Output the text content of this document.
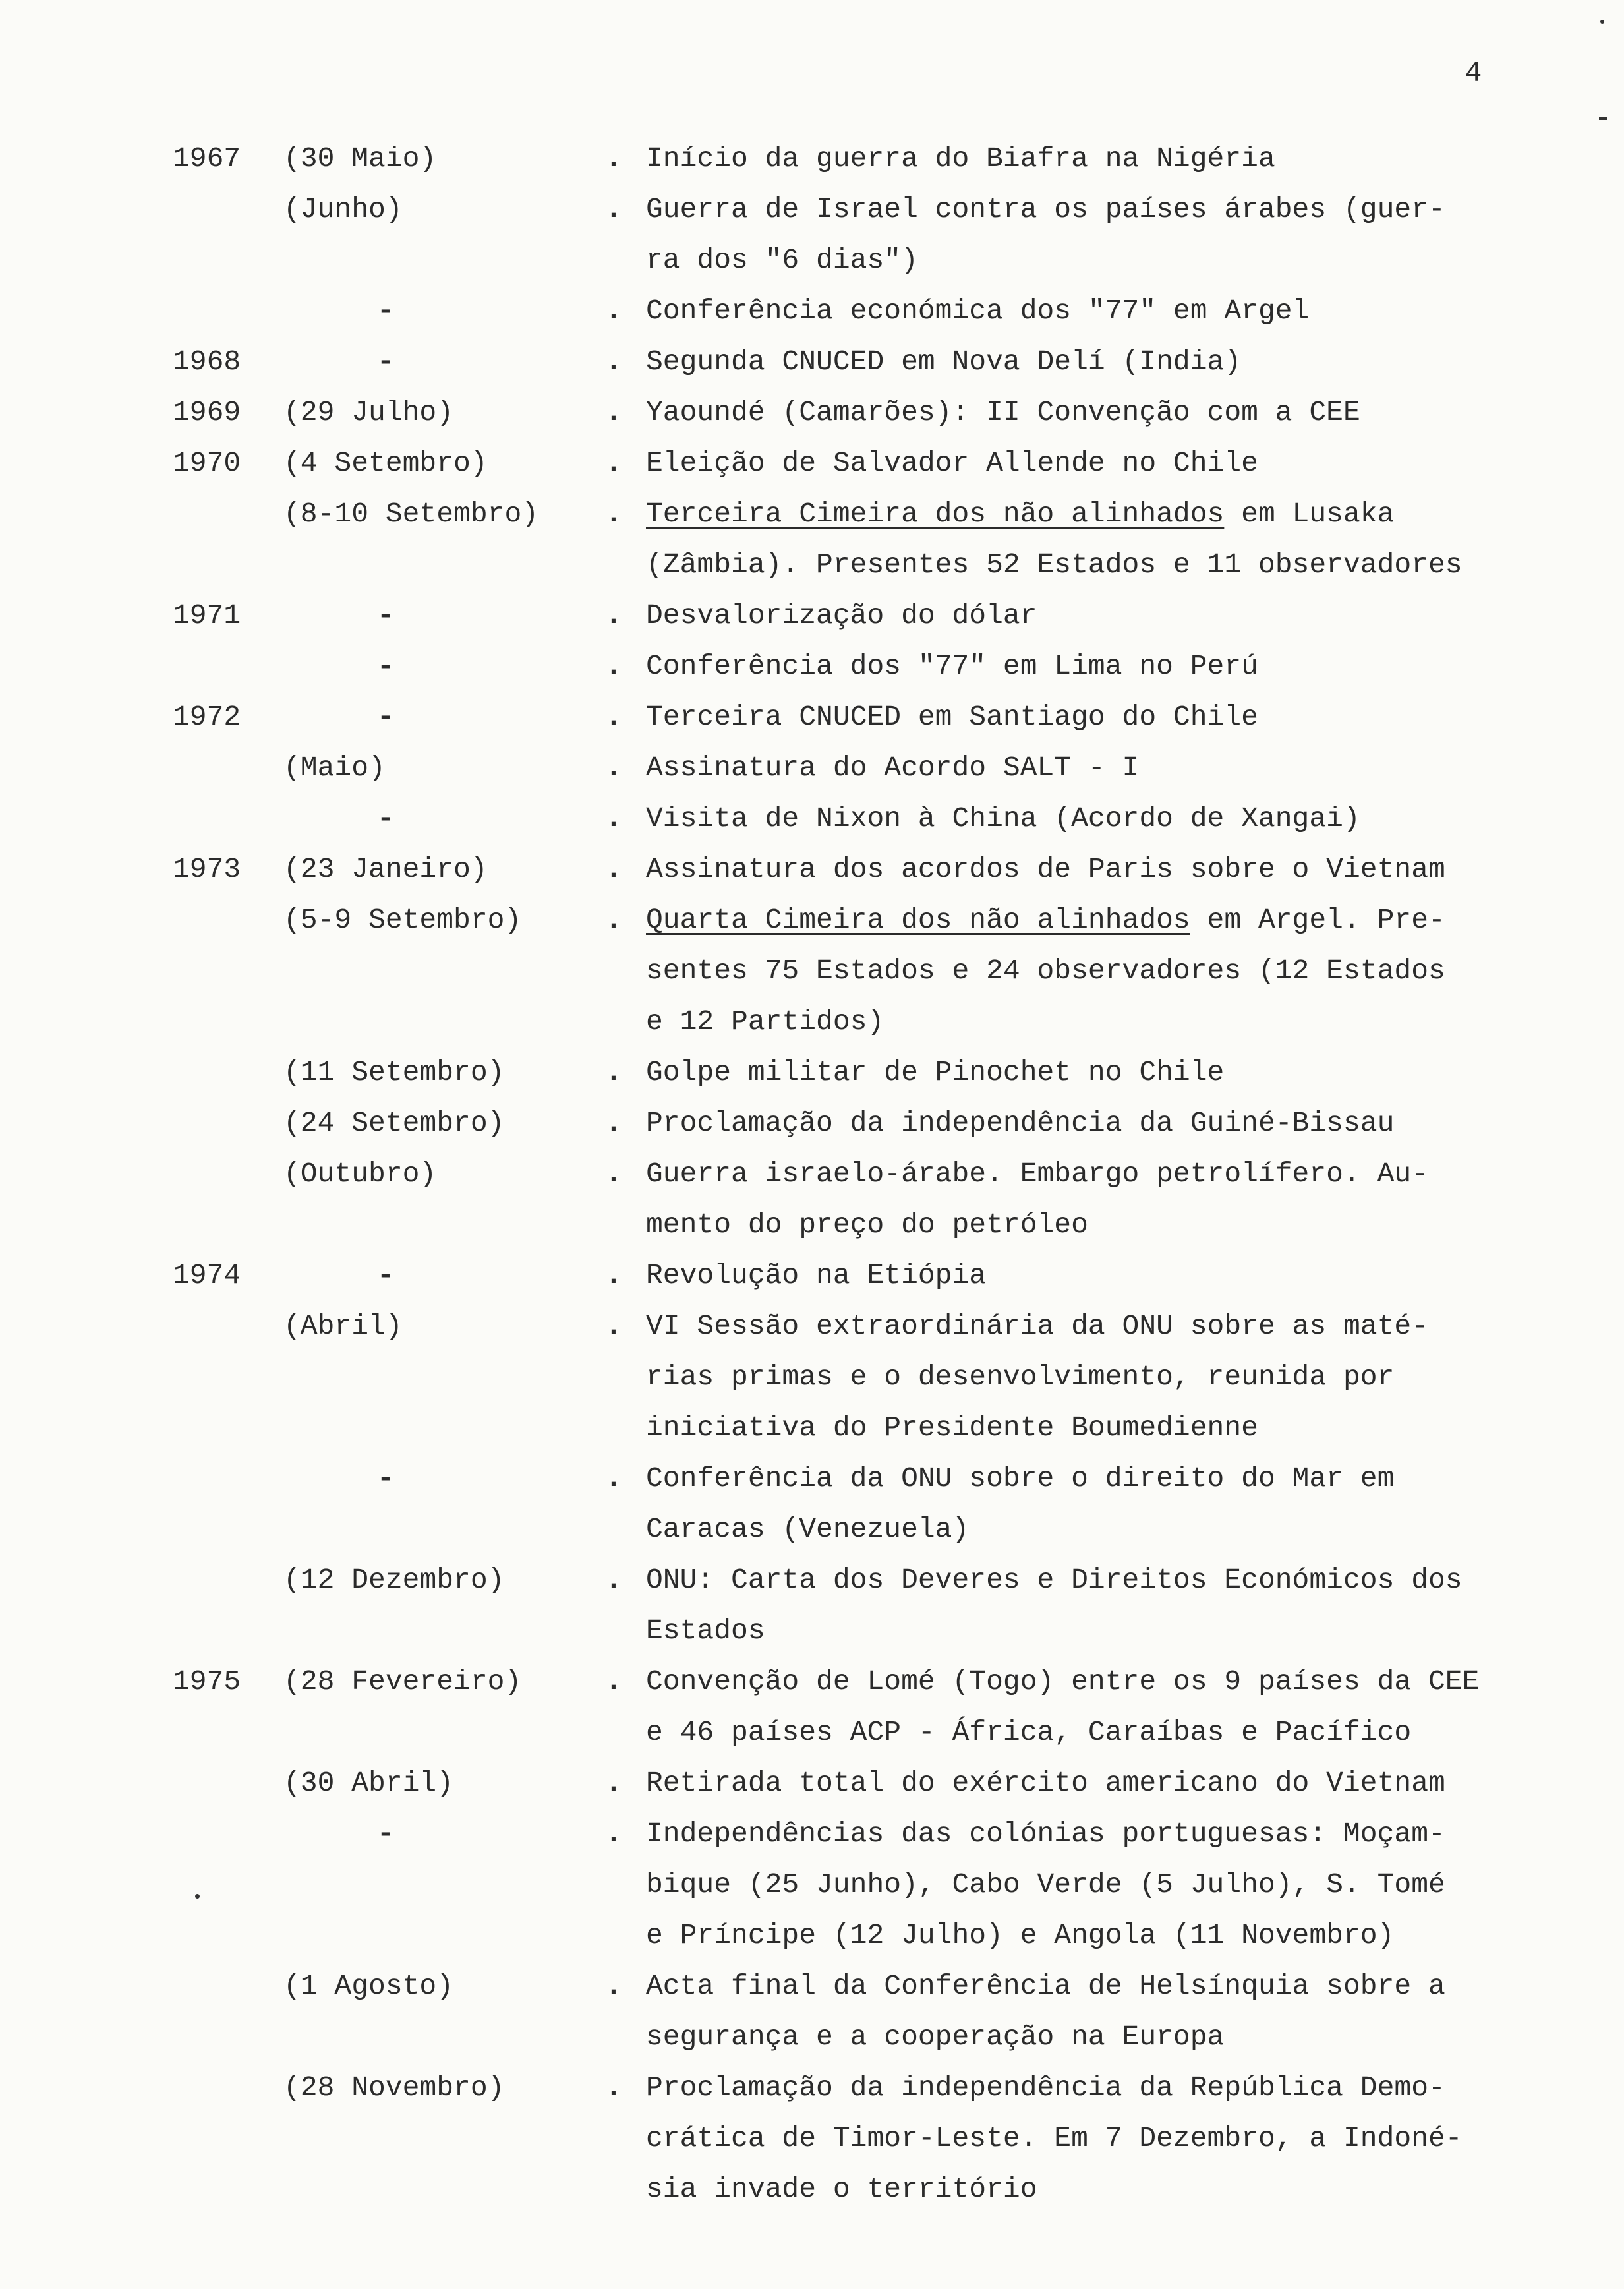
4
1967 (30 Maio)	. Início da guerra do Biafra na Nigéria
(Junho)	. Guerra de Israel contra os países árabes (guer-
ra dos "6 dias")
-	. Conferência económica dos "77" em Argel
1968	-	. Segunda CNUCED em Nova Delí (India)
1969 (29 Julho)	. Yaoundé (Camarões): II Convenção com a CEE
1970 (4 Setembro)	. Eleição de Salvador Allende no Chile
(8-10 Setembro) . Terceira Cimeira dos não alinhados em Lusaka
(Zâmbia). Presentes 52 Estados e 11 observadores
1971	-	. Desvalorização do dólar
-	. Conferência dos "77" em Lima no Perú
1972	-	. Terceira CNUCED em Santiago do Chile
(Maio)	. Assinatura do Acordo SALT - I
-	. Visita de Nixon à China (Acordo de Xangai)
1973 (23 Janeiro)	. Assinatura dos acordos de Paris sobre o Vietnam
(5-9 Setembro)	. Quarta Cimeira dos não alinhados em Argel. Pre-
sentes 75 Estados e 24 observadores (12 Estados
e 12 Partidos)
(11 Setembro)	. Golpe militar de Pinochet no Chile
(24 Setembro)	. Proclamação da independência da Guiné-Bissau
(Outubro)	. Guerra israelo-árabe. Embargo petrolífero. Au-
mento do preço do petróleo
1974	-	. Revolução na Etiópia
(Abril)	. VI Sessão extraordinária da ONU sobre as maté-
rias primas e o desenvolvimento, reunida por
iniciativa do Presidente Boumedienne
-	. Conferência da ONU sobre o direito do Mar em
Caracas (Venezuela)
(12 Dezembro)	. ONU: Carta dos Deveres e Direitos Económicos dos
Estados
1975 (28 Fevereiro)	. Convenção de Lomé (Togo) entre os 9 países da CEE
e 46 países ACP - África, Caraíbas e Pacífico
(30 Abril)	. Retirada total do exército americano do Vietnam
-	. Independências das colónias portuguesas: Moçam-
bique (25 Junho), Cabo Verde (5 Julho), S. Tomé
e Príncipe (12 Julho) e Angola (11 Novembro)
(1 Agosto)	. Acta final da Conferência de Helsínquia sobre a
segurança e a cooperação na Europa
(28 Novembro)	. Proclamação da independência da República Demo-
crática de Timor-Leste. Em 7 Dezembro, a Indoné-
sia invade o território
